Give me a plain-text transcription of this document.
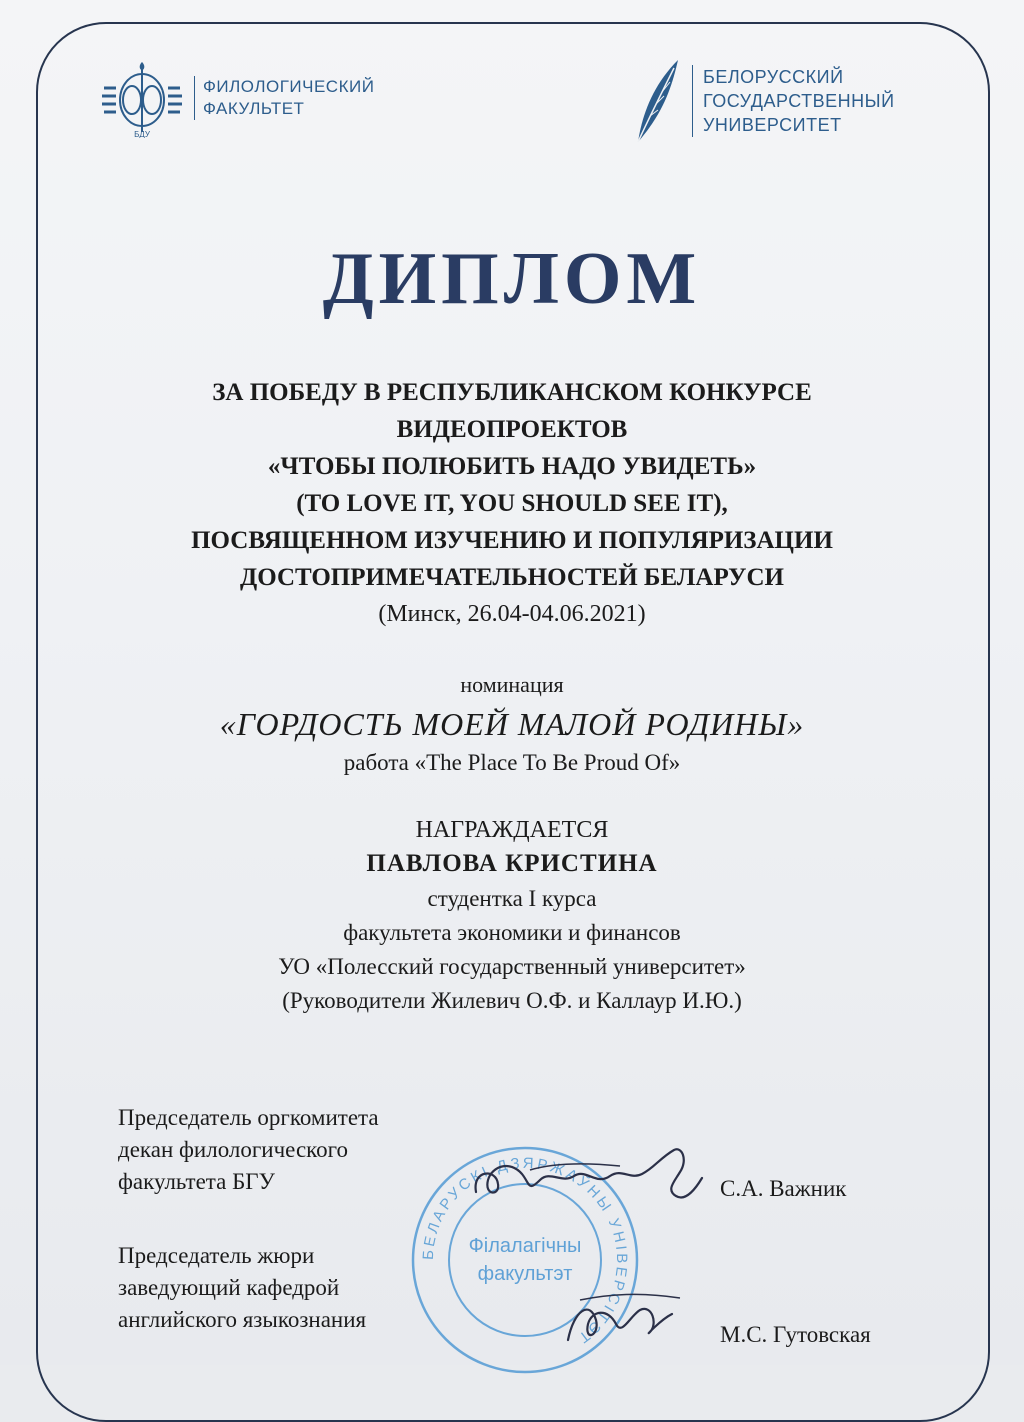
БДУ
ФИЛОЛОГИЧЕСКИЙ
ФАКУЛЬТЕТ
БЕЛОРУССКИЙ
ГОСУДАРСТВЕННЫЙ
УНИВЕРСИТЕТ
ДИПЛОМ
ЗА ПОБЕДУ В РЕСПУБЛИКАНСКОМ КОНКУРСЕ
ВИДЕОПРОЕКТОВ
«ЧТОБЫ ПОЛЮБИТЬ НАДО УВИДЕТЬ»
(TO LOVE IT, YOU SHOULD SEE IT),
ПОСВЯЩЕННОМ ИЗУЧЕНИЮ И ПОПУЛЯРИЗАЦИИ
ДОСТОПРИМЕЧАТЕЛЬНОСТЕЙ БЕЛАРУСИ
(Минск, 26.04-04.06.2021)
номинация
«ГОРДОСТЬ МОЕЙ МАЛОЙ РОДИНЫ»
работа «The Place To Be Proud Of»
НАГРАЖДАЕТСЯ
ПАВЛОВА КРИСТИНА
студентка I курса
факультета экономики и финансов
УО «Полесский государственный университет»
(Руководители Жилевич О.Ф. и Каллаур И.Ю.)
БЕЛАРУСКІ ДЗЯРЖАЎНЫ УНІВЕРСІТЭТ
Філалагічны
факультэт
Председатель оргкомитета
декан филологического
факультета БГУ	С.А. Важник
Председатель жюри
заведующий кафедрой
английского языкознания
М.С. Гутовская
